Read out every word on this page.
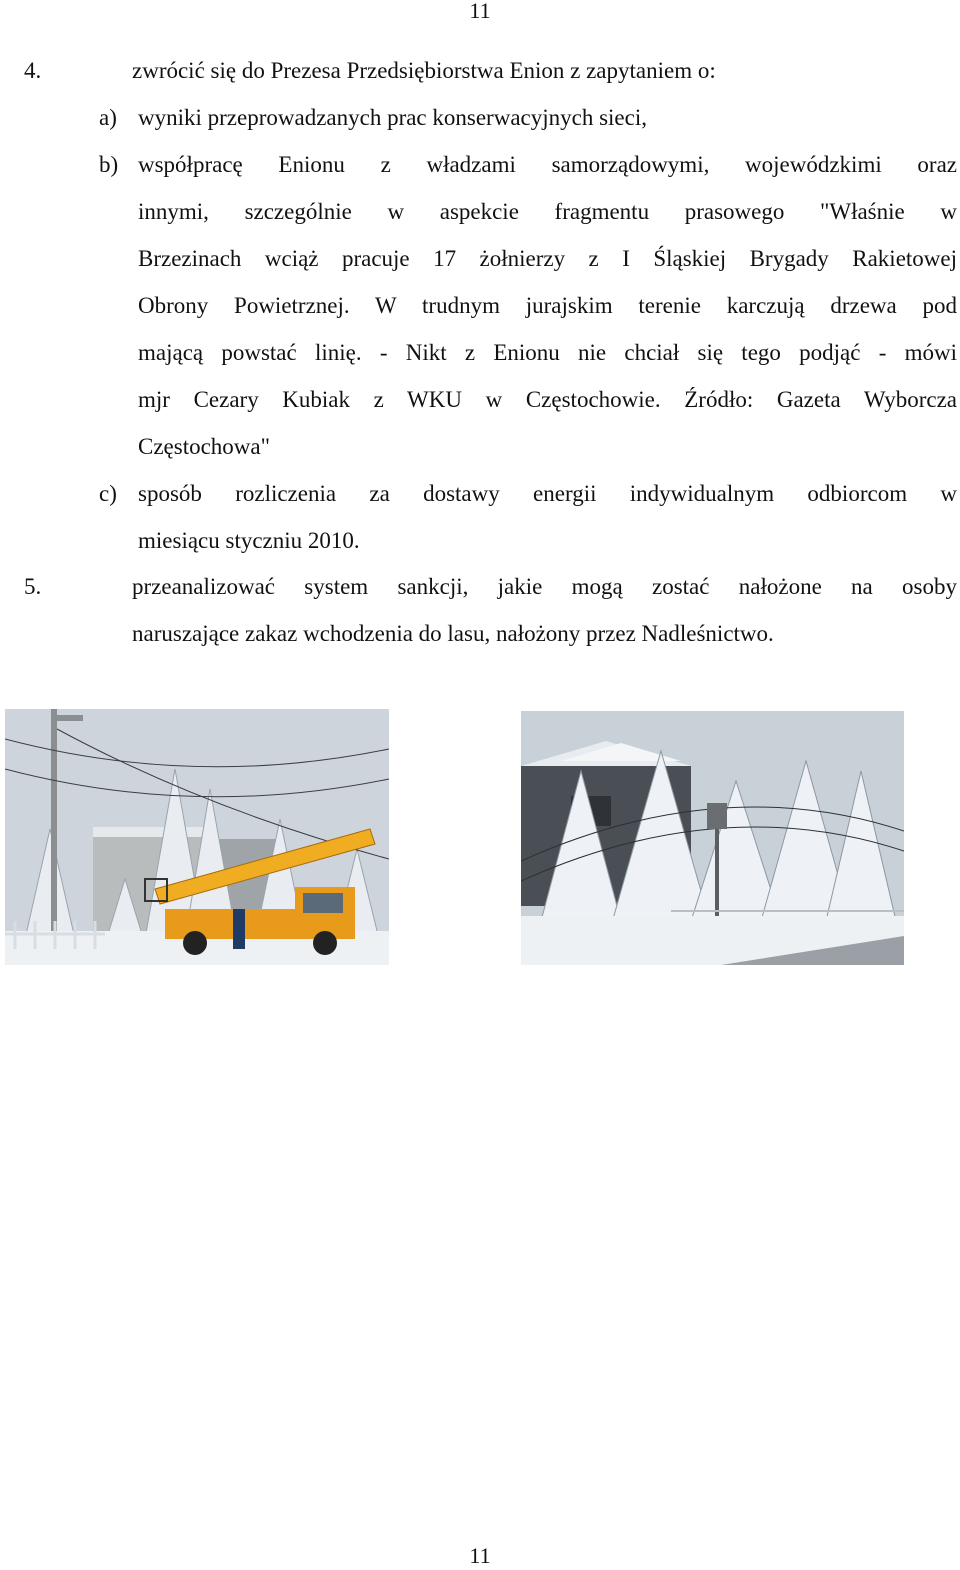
11
4.	zwrócić się do Prezesa Przedsiębiorstwa Enion z zapytaniem o:
a) wyniki przeprowadzanych prac konserwacyjnych sieci,
b) współpracę Enionu z władzami samorządowymi, wojewódzkimi oraz
innymi, szczególnie w aspekcie fragmentu prasowego "Właśnie w
Brzezinach wciąż pracuje 17 żołnierzy z I Śląskiej Brygady Rakietowej
Obrony Powietrznej. W trudnym jurajskim terenie karczują drzewa pod
mającą powstać linię. - Nikt z Enionu nie chciał się tego podjąć - mówi
mjr Cezary Kubiak z WKU w Częstochowie. Źródło: Gazeta Wyborcza
Częstochowa"
c) sposób rozliczenia za dostawy energii indywidualnym odbiorcom w
miesiącu styczniu 2010.
5.	przeanalizować system sankcji, jakie mogą zostać nałożone na osoby
naruszające zakaz wchodzenia do lasu, nałożony przez Nadleśnictwo.
11
